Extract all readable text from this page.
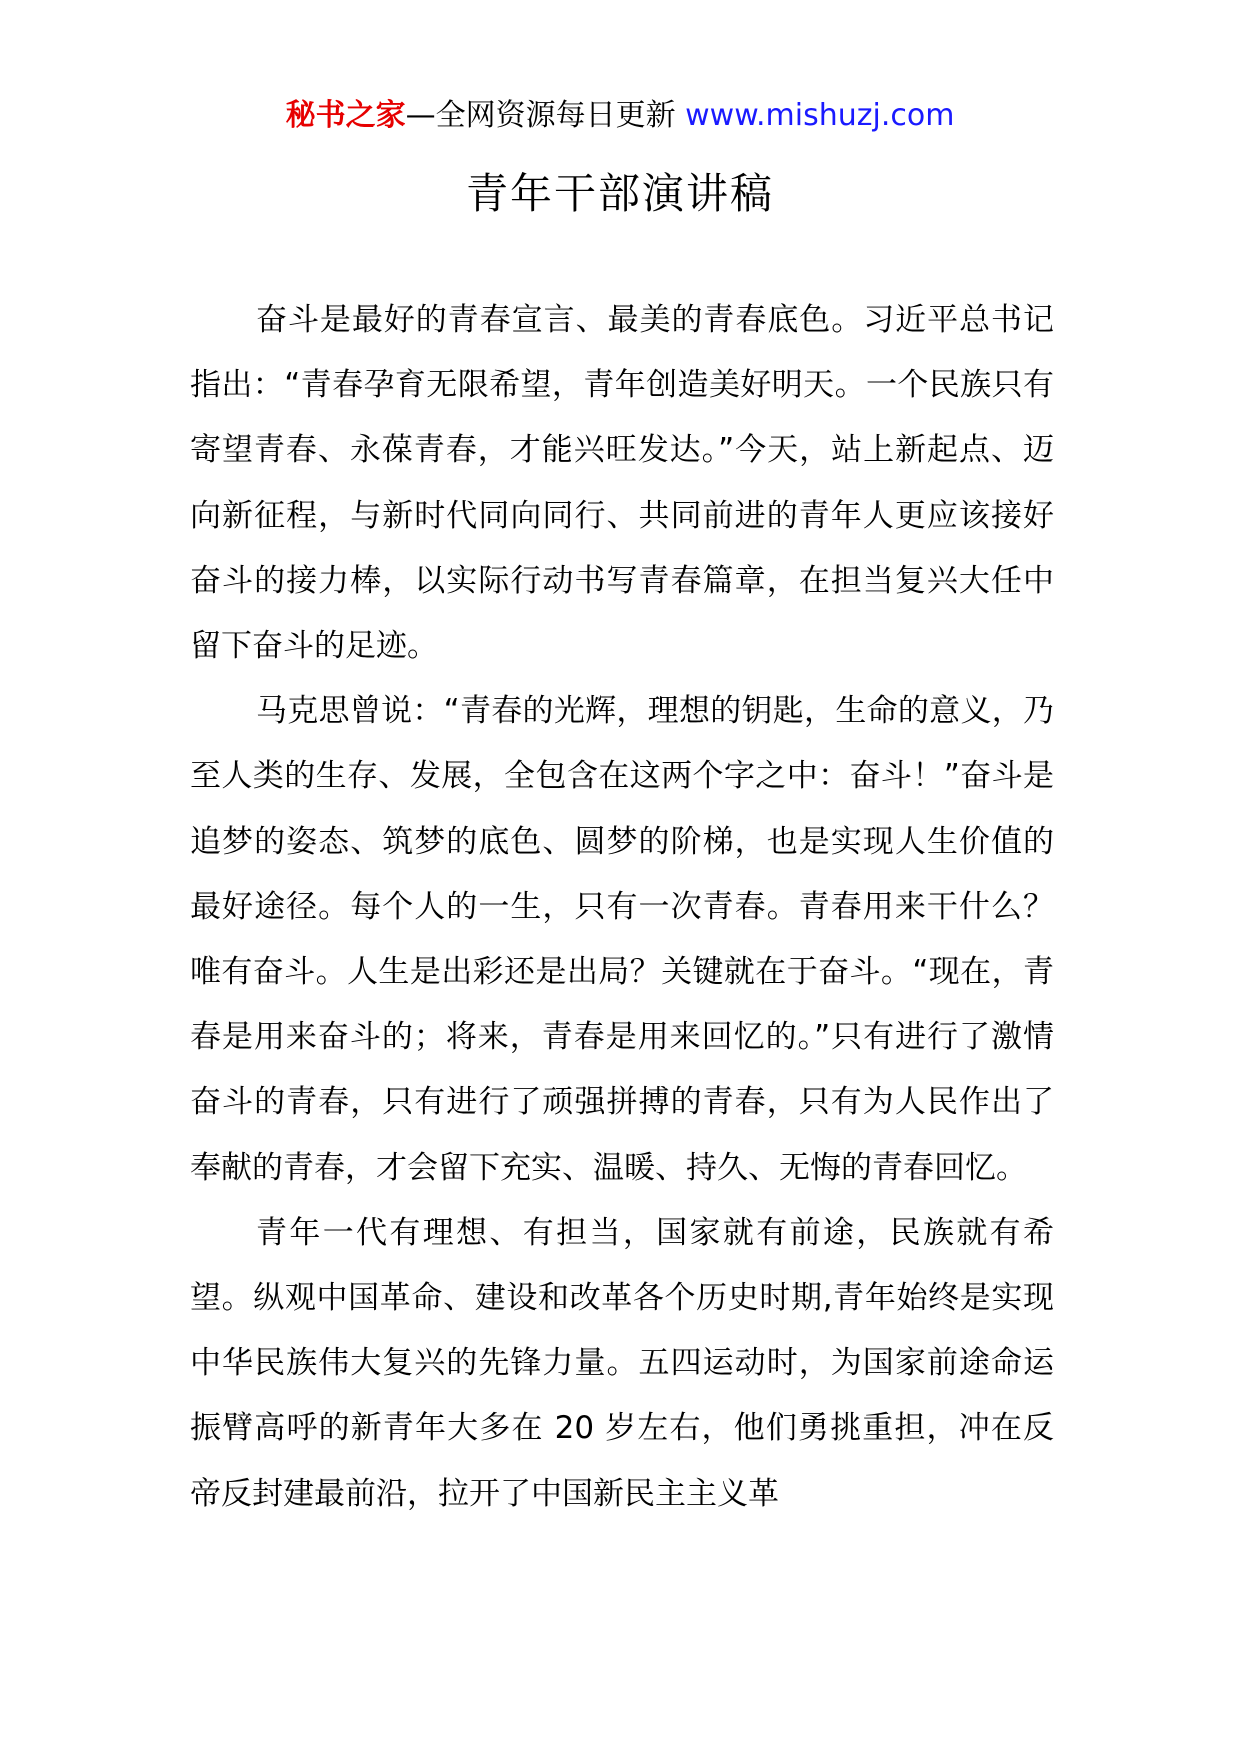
秘书之家—全网资源每日更新 www.mishuzj.com
青年干部演讲稿

奋斗是最好的青春宣言、最美的青春底色。习近平总书记指出：“青春孕育无限希望，青年创造美好明天。一个民族只有寄望青春、永葆青春，才能兴旺发达。”今天，站上新起点、迈向新征程，与新时代同向同行、共同前进的青年人更应该接好奋斗的接力棒，以实际行动书写青春篇章，在担当复兴大任中留下奋斗的足迹。

马克思曾说：“青春的光辉，理想的钥匙，生命的意义，乃至人类的生存、发展，全包含在这两个字之中：奋斗！”奋斗是追梦的姿态、筑梦的底色、圆梦的阶梯，也是实现人生价值的最好途径。每个人的一生，只有一次青春。青春用来干什么？唯有奋斗。人生是出彩还是出局？关键就在于奋斗。“现在，青春是用来奋斗的；将来，青春是用来回忆的。”只有进行了激情奋斗的青春，只有进行了顽强拼搏的青春，只有为人民作出了奉献的青春，才会留下充实、温暖、持久、无悔的青春回忆。

青年一代有理想、有担当，国家就有前途，民族就有希望。纵观中国革命、建设和改革各个历史时期,青年始终是实现中华民族伟大复兴的先锋力量。五四运动时，为国家前途命运振臂高呼的新青年大多在 20 岁左右，他们勇挑重担，冲在反帝反封建最前沿，拉开了中国新民主主义革
